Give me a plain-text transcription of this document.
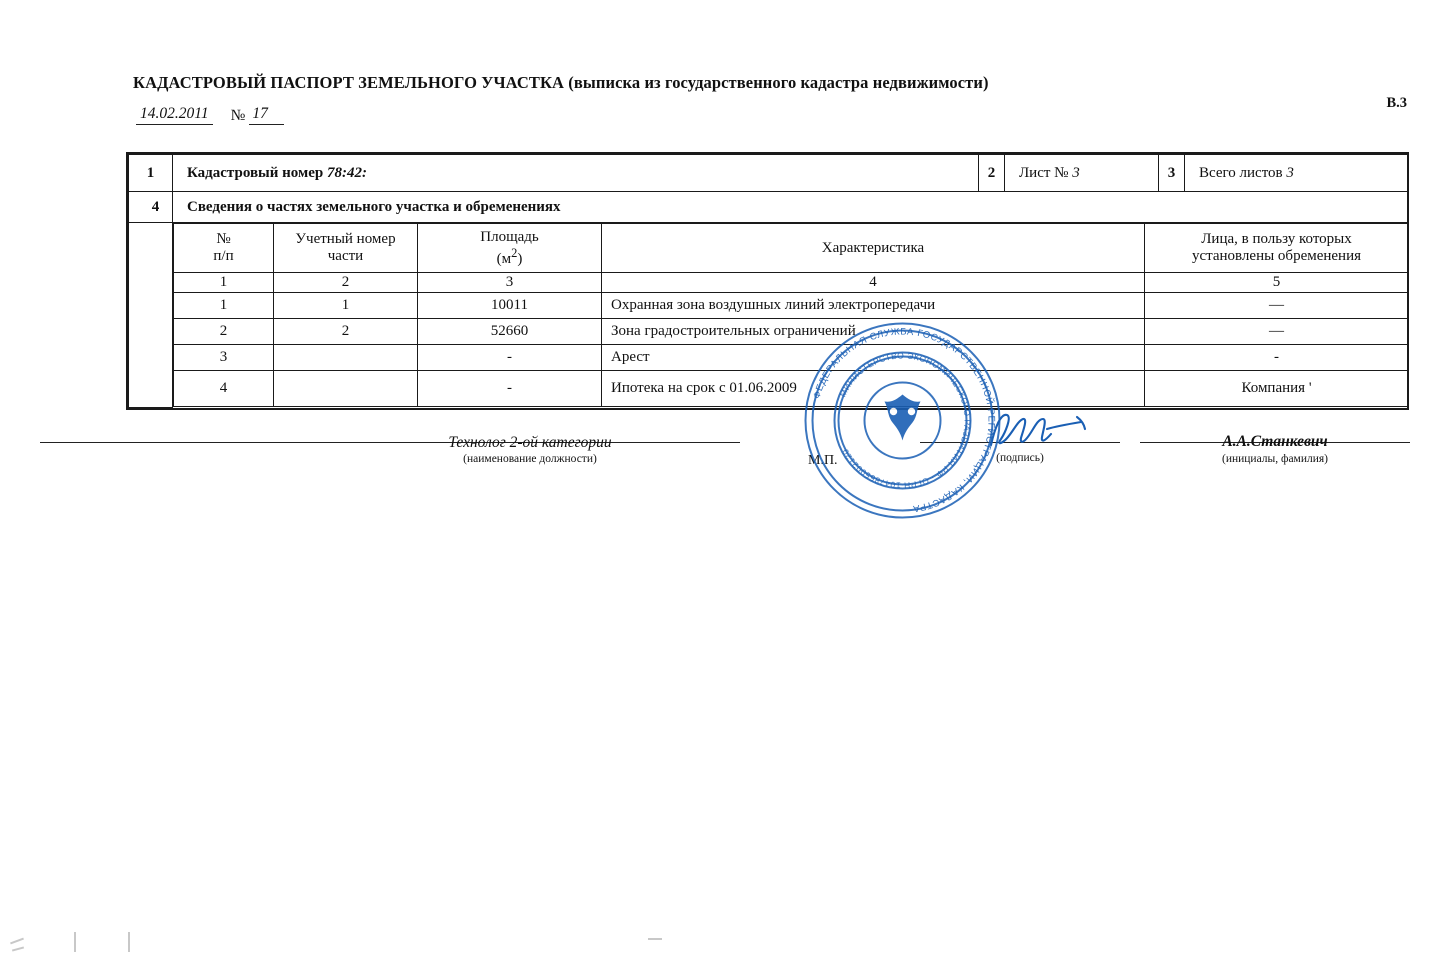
КАДАСТРОВЫЙ ПАСПОРТ ЗЕМЕЛЬНОГО УЧАСТКА (выписка из государственного кадастра недвижимости)
B.3
14.02.2011	№ 17
1	Кадастровый номер 78:42:	2	Лист № 3	3	Всего листов 3
4	Сведения о частях земельного участка и обременениях

№
п/п

Учетный номер
части

Площадь
$(м^2)$

Характеристика

Лица, в пользу которых
установлены обременения

1	2	3	4	5
1	1	10011	Охранная зона воздушных линий электропередачи	—
2	2	52660	Зона градостроительных ограничений	—
3		-	Арест	-
4		-	Ипотека на срок с 01.06.2009	Компания '
Технолог 2-ой категории
(наименование должности)	М.П.	(подпись)
А.А.Станкевич
(инициалы, фамилия)
ФЕДЕРАЛЬНАЯ СЛУЖБА ГОСУДАРСТВЕННОЙ РЕГИСТРАЦИИ, КАДАСТРА
МИНИСТЕРСТВО ЭКОНОМИЧЕСКОГО РАЗВИТИЯ РФ · ОГРН 1047855002120
